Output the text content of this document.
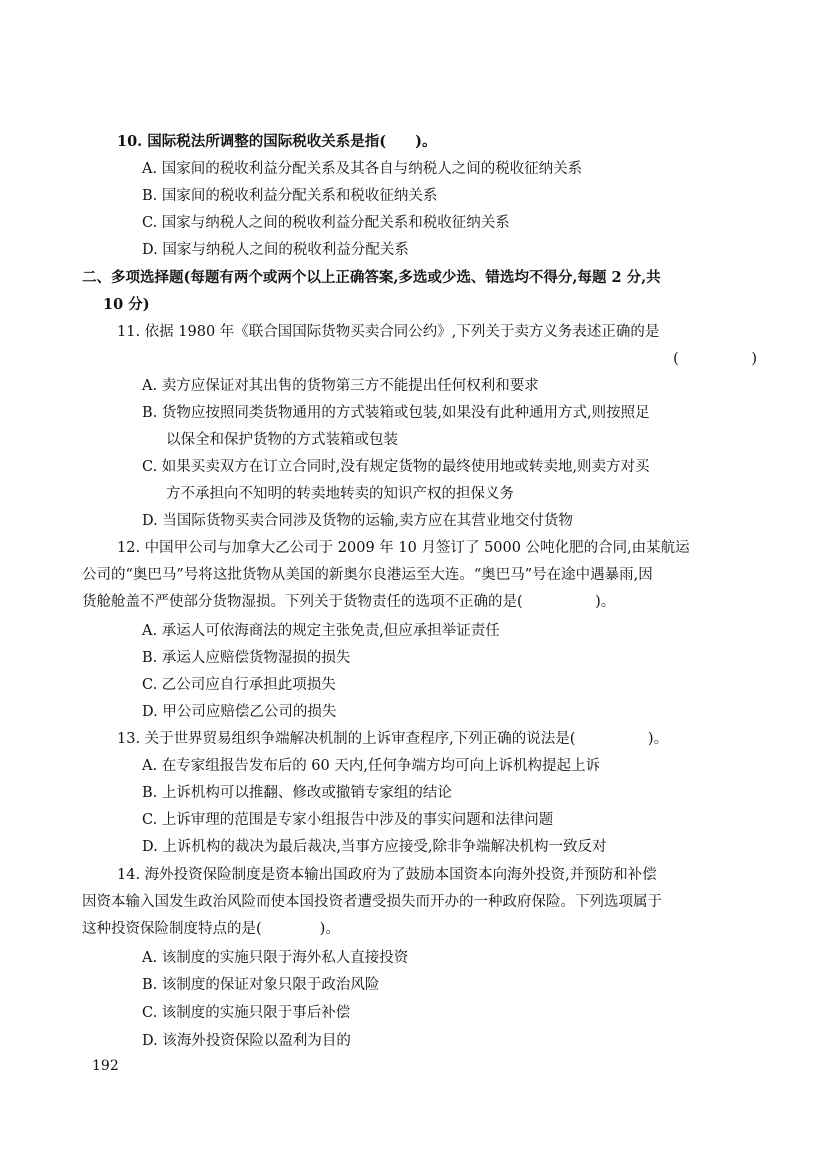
10. 国际税法所调整的国际税收关系是指(　　)。
A. 国家间的税收利益分配关系及其各自与纳税人之间的税收征纳关系
B. 国家间的税收利益分配关系和税收征纳关系
C. 国家与纳税人之间的税收利益分配关系和税收征纳关系
D. 国家与纳税人之间的税收利益分配关系
二、多项选择题(每题有两个或两个以上正确答案,多选或少选、错选均不得分,每题 2 分,共
10 分)
11. 依据 1980 年《联合国国际货物买卖合同公约》,下列关于卖方义务表述正确的是
(　　　　　)
A. 卖方应保证对其出售的货物第三方不能提出任何权利和要求
B. 货物应按照同类货物通用的方式装箱或包装,如果没有此种通用方式,则按照足
以保全和保护货物的方式装箱或包装
C. 如果买卖双方在订立合同时,没有规定货物的最终使用地或转卖地,则卖方对买
方不承担向不知明的转卖地转卖的知识产权的担保义务
D. 当国际货物买卖合同涉及货物的运输,卖方应在其营业地交付货物
12. 中国甲公司与加拿大乙公司于 2009 年 10 月签订了 5000 公吨化肥的合同,由某航运
公司的“奥巴马”号将这批货物从美国的新奥尔良港运至大连。“奥巴马”号在途中遇暴雨,因
货舱舱盖不严使部分货物湿损。下列关于货物责任的选项不正确的是(　　　　　)。
A. 承运人可依海商法的规定主张免责,但应承担举证责任
B. 承运人应赔偿货物湿损的损失
C. 乙公司应自行承担此项损失
D. 甲公司应赔偿乙公司的损失
13. 关于世界贸易组织争端解决机制的上诉审查程序,下列正确的说法是(　　　　　)。
A. 在专家组报告发布后的 60 天内,任何争端方均可向上诉机构提起上诉
B. 上诉机构可以推翻、修改或撤销专家组的结论
C. 上诉审理的范围是专家小组报告中涉及的事实问题和法律问题
D. 上诉机构的裁决为最后裁决,当事方应接受,除非争端解决机构一致反对
14. 海外投资保险制度是资本输出国政府为了鼓励本国资本向海外投资,并预防和补偿
因资本输入国发生政治风险而使本国投资者遭受损失而开办的一种政府保险。下列选项属于
这种投资保险制度特点的是(　　　　)。
A. 该制度的实施只限于海外私人直接投资
B. 该制度的保证对象只限于政治风险
C. 该制度的实施只限于事后补偿
D. 该海外投资保险以盈利为目的
192
